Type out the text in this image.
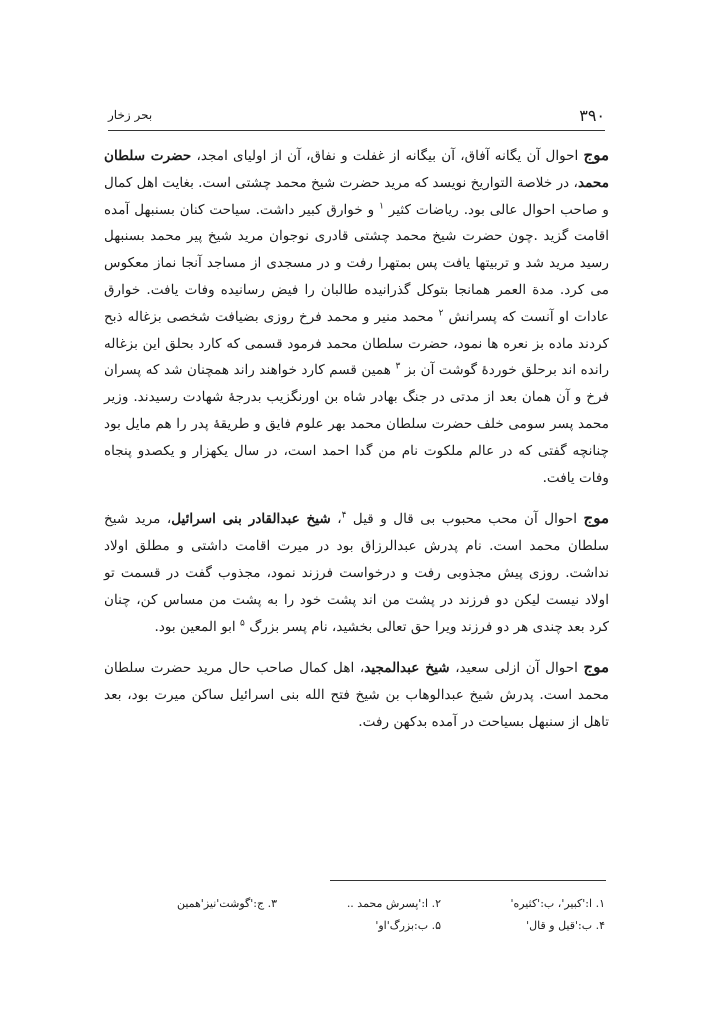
۳۹۰
بحر زخار

موج احوال آن یگانه آفاق، آن بیگانه از غفلت و نفاق، آن از اولیای امجد، حضرت سلطان محمد، در خلاصة التواریخ نویسد که مرید حضرت شیخ محمد چشتی است. بغایت اهل کمال و صاحب احوال عالی بود. ریاضات کثیر $^۱$ و خوارق کبیر داشت. سیاحت کنان بسنبهل آمده اقامت گزید .چون حضرت شیخ محمد چشتی قادری نوجوان مرید شیخ پیر محمد بسنبهل رسید مرید شد و تربیتها یافت پس بمتهرا رفت و در مسجدی از مساجد آنجا نماز معکوس می کرد. مدة العمر همانجا بتوکل گذرانیده طالبان را فیض رسانیده وفات یافت. خوارق عادات او آنست که پسرانش $^۲$ محمد منیر و محمد فرخ روزی بضیافت شخصی بزغاله ذبح کردند ماده بز نعره ها نمود، حضرت سلطان محمد فرمود قسمی که کارد بحلق این بزغاله رانده اند برحلق خوردهٔ گوشت آن بز $^۳$ همین قسم کارد خواهند راند همچنان شد که پسران فرخ و آن همان بعد از مدتی در جنگ بهادر شاه بن اورنگزیب بدرجهٔ شهادت رسیدند. وزیر محمد پسر سومی خلف حضرت سلطان محمد بهر علوم فایق و طریقهٔ پدر را هم مایل بود چنانچه گفتی که در عالم ملکوت نام من گدا احمد است، در سال یکهزار و یکصدو پنجاه وفات یافت.

موج احوال آن محب محبوب بی قال و قیل $^۴$، شیخ عبدالقادر بنی اسرائیل، مرید شیخ سلطان محمد است. نام پدرش عبدالرزاق بود در میرت اقامت داشتی و مطلق اولاد نداشت. روزی پیش مجذوبی رفت و درخواست فرزند نمود، مجذوب گفت در قسمت تو اولاد نیست لیکن دو فرزند در پشت من اند پشت خود را به پشت من مساس کن، چنان کرد بعد چندی هر دو فرزند ویرا حق تعالی بخشید، نام پسر بزرگ $^۵$ ابو المعین بود.

موج احوال آن ازلی سعید، شیخ عبدالمجید، اهل کمال صاحب حال مرید حضرت سلطان محمد است. پدرش شیخ عبدالوهاب بن شیخ فتح الله بنی اسرائیل ساکن میرت بود، بعد تاهل از سنبهل بسیاحت در آمده بدکهن رفت.

۱. ا:'کبیر'، ب:'کثیره'
۲. ا:'پسرش محمد ..
۳. ج:'گوشت'نیز'همین
۴. ب:'قیل و قال'
۵. ب:بزرگ'او'
